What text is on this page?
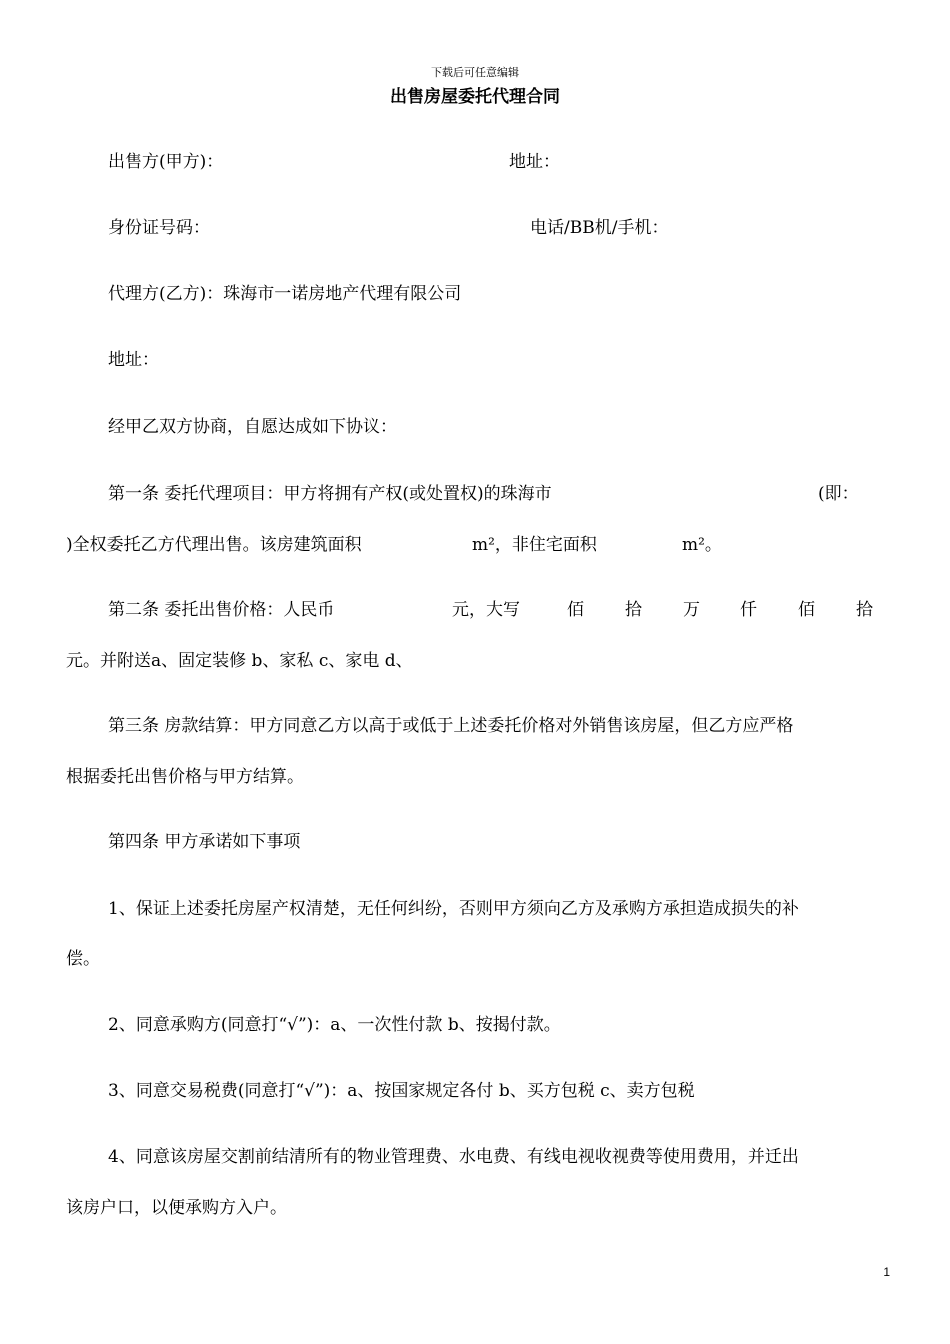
下载后可任意编辑
出售房屋委托代理合同
出售方(甲方)：	地址：
身份证号码：	电话/BB机/手机：
代理方(乙方)：珠海市一诺房地产代理有限公司
地址：
经甲乙双方协商，自愿达成如下协议：
第一条 委托代理项目：甲方将拥有产权(或处置权)的珠海市	(即：
)全权委托乙方代理出售。该房建筑面积	m²，非住宅面积	m²。
第二条 委托出售价格：人民币	元，大写	佰 拾 万 仟 佰 拾
元。并附送a、固定装修 b、家私 c、家电 d、
第三条 房款结算：甲方同意乙方以高于或低于上述委托价格对外销售该房屋，但乙方应严格
根据委托出售价格与甲方结算。
第四条 甲方承诺如下事项
1、保证上述委托房屋产权清楚，无任何纠纷，否则甲方须向乙方及承购方承担造成损失的补
偿。
2、同意承购方(同意打“√”)：a、一次性付款 b、按揭付款。
3、同意交易税费(同意打“√”)：a、按国家规定各付 b、买方包税 c、卖方包税
4、同意该房屋交割前结清所有的物业管理费、水电费、有线电视收视费等使用费用，并迁出
该房户口，以便承购方入户。
1
